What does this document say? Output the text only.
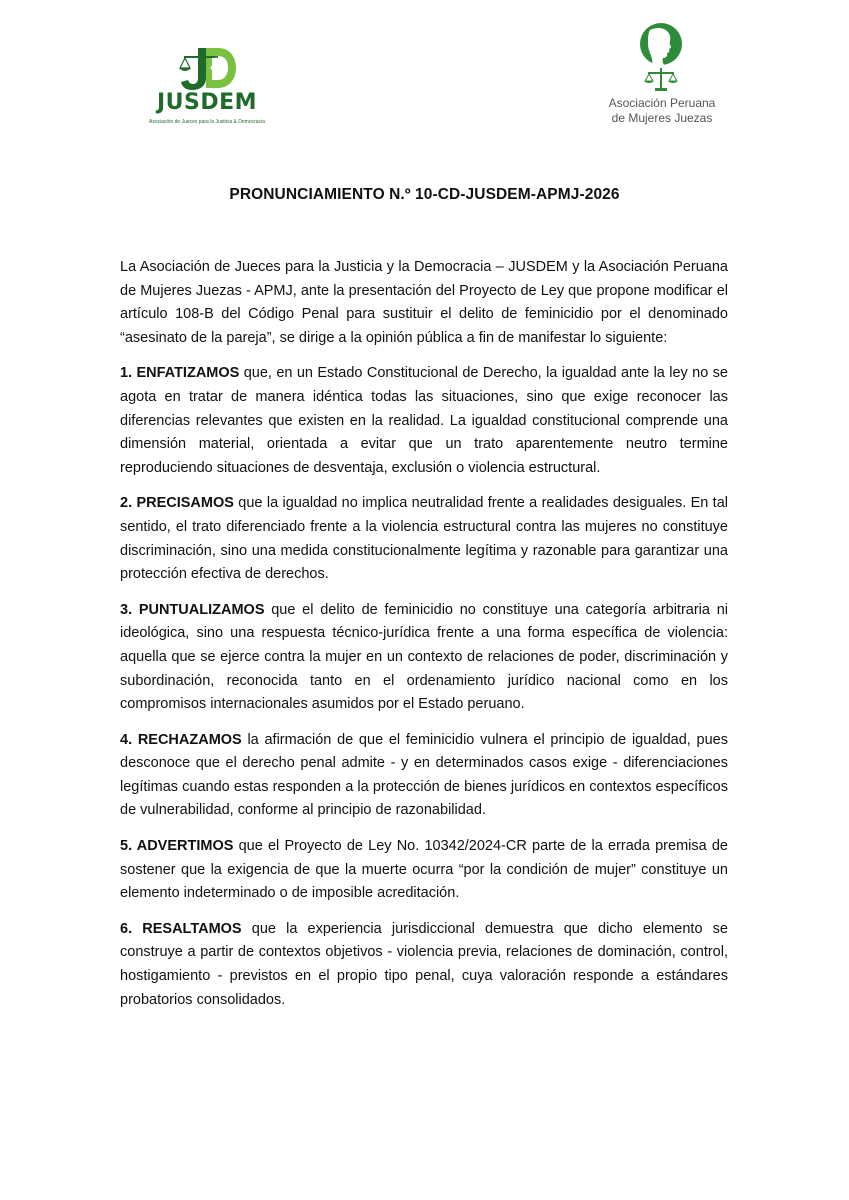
JUSDEM
Asociación de Jueces para la Justicia & Democracia
Asociación Peruana
de Mujeres Juezas
PRONUNCIAMIENTO N.º 10-CD-JUSDEM-APMJ-2026

La Asociación de Jueces para la Justicia y la Democracia – JUSDEM y la Asociación Peruana de Mujeres Juezas - APMJ, ante la presentación del Proyecto de Ley que propone modificar el artículo 108-B del Código Penal para sustituir el delito de feminicidio por el denominado “asesinato de la pareja”, se dirige a la opinión pública a fin de manifestar lo siguiente:

1. ENFATIZAMOS que, en un Estado Constitucional de Derecho, la igualdad ante la ley no se agota en tratar de manera idéntica todas las situaciones, sino que exige reconocer las diferencias relevantes que existen en la realidad. La igualdad constitucional comprende una dimensión material, orientada a evitar que un trato aparentemente neutro termine reproduciendo situaciones de desventaja, exclusión o violencia estructural.

2. PRECISAMOS que la igualdad no implica neutralidad frente a realidades desiguales. En tal sentido, el trato diferenciado frente a la violencia estructural contra las mujeres no constituye discriminación, sino una medida constitucionalmente legítima y razonable para garantizar una protección efectiva de derechos.

3. PUNTUALIZAMOS que el delito de feminicidio no constituye una categoría arbitraria ni ideológica, sino una respuesta técnico-jurídica frente a una forma específica de violencia: aquella que se ejerce contra la mujer en un contexto de relaciones de poder, discriminación y subordinación, reconocida tanto en el ordenamiento jurídico nacional como en los compromisos internacionales asumidos por el Estado peruano.

4. RECHAZAMOS la afirmación de que el feminicidio vulnera el principio de igualdad, pues desconoce que el derecho penal admite - y en determinados casos exige - diferenciaciones legítimas cuando estas responden a la protección de bienes jurídicos en contextos específicos de vulnerabilidad, conforme al principio de razonabilidad.

5. ADVERTIMOS que el Proyecto de Ley No. 10342/2024-CR parte de la errada premisa de sostener que la exigencia de que la muerte ocurra “por la condición de mujer” constituye un elemento indeterminado o de imposible acreditación.

6. RESALTAMOS que la experiencia jurisdiccional demuestra que dicho elemento se construye a partir de contextos objetivos - violencia previa, relaciones de dominación, control, hostigamiento - previstos en el propio tipo penal, cuya valoración responde a estándares probatorios consolidados.
